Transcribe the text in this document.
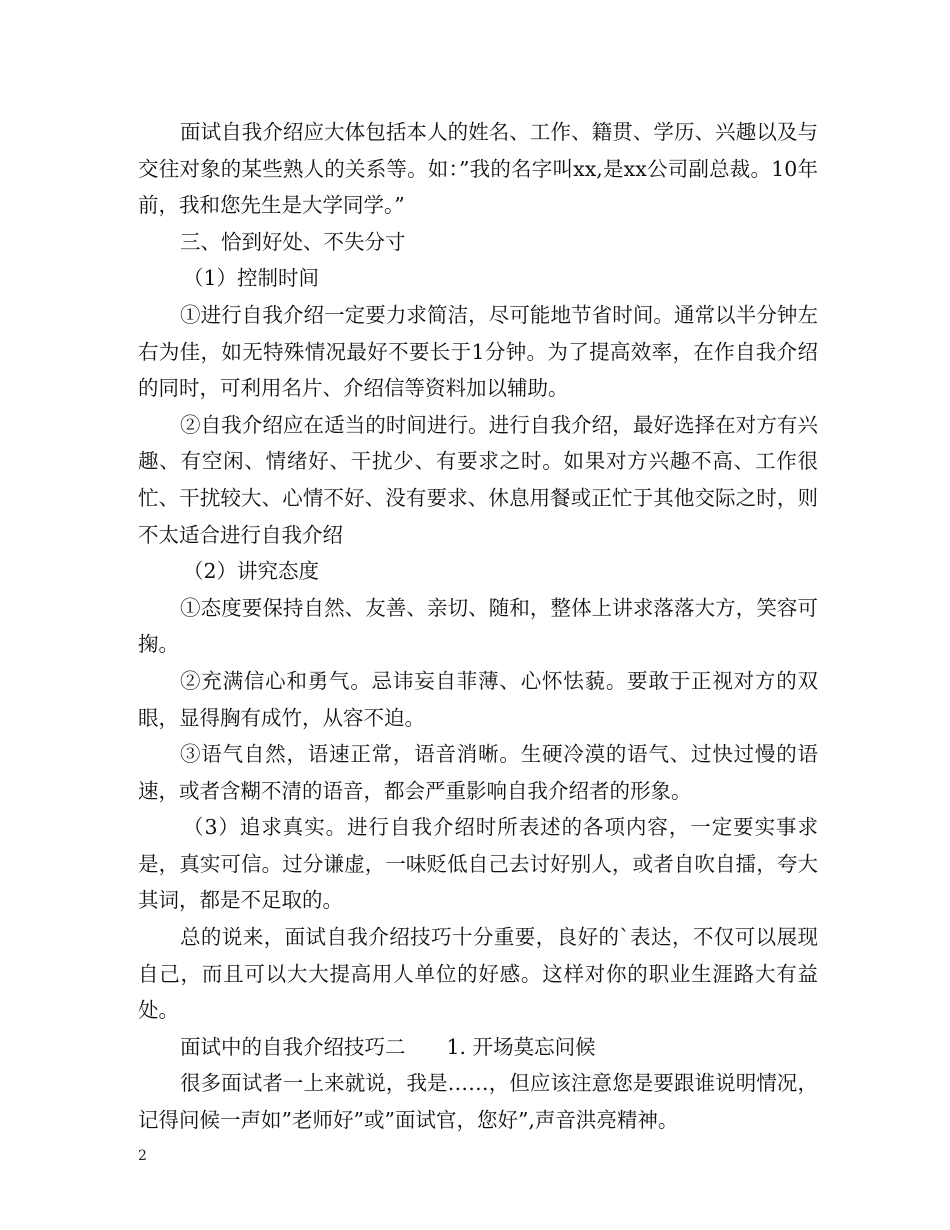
面试自我介绍应大体包括本人的姓名、工作、籍贯、学历、兴趣以及与交往对象的某些熟人的关系等。如：”我的名字叫xx,是xx公司副总裁。10年前，我和您先生是大学同学。”

三、恰到好处、不失分寸

（1）控制时间

①进行自我介绍一定要力求简洁，尽可能地节省时间。通常以半分钟左右为佳，如无特殊情况最好不要长于1分钟。为了提高效率，在作自我介绍的同时，可利用名片、介绍信等资料加以辅助。

②自我介绍应在适当的时间进行。进行自我介绍，最好选择在对方有兴趣、有空闲、情绪好、干扰少、有要求之时。如果对方兴趣不高、工作很忙、干扰较大、心情不好、没有要求、休息用餐或正忙于其他交际之时，则不太适合进行自我介绍

（2）讲究态度

①态度要保持自然、友善、亲切、随和，整体上讲求落落大方，笑容可掬。

②充满信心和勇气。忌讳妄自菲薄、心怀怯藐。要敢于正视对方的双眼，显得胸有成竹，从容不迫。

③语气自然，语速正常，语音消晰。生硬冷漠的语气、过快过慢的语速，或者含糊不清的语音，都会严重影响自我介绍者的形象。

（3）追求真实。进行自我介绍时所表述的各项内容，一定要实事求是，真实可信。过分谦虚，一味贬低自己去讨好别人，或者自吹自擂，夸大其词，都是不足取的。

总的说来，面试自我介绍技巧十分重要，良好的`表达，不仅可以展现自己，而且可以大大提高用人单位的好感。这样对你的职业生涯路大有益处。

面试中的自我介绍技巧二　　1. 开场莫忘问候

很多面试者一上来就说，我是……，但应该注意您是要跟谁说明情况，记得问候一声如”老师好”或”面试官，您好”,声音洪亮精神。

2
